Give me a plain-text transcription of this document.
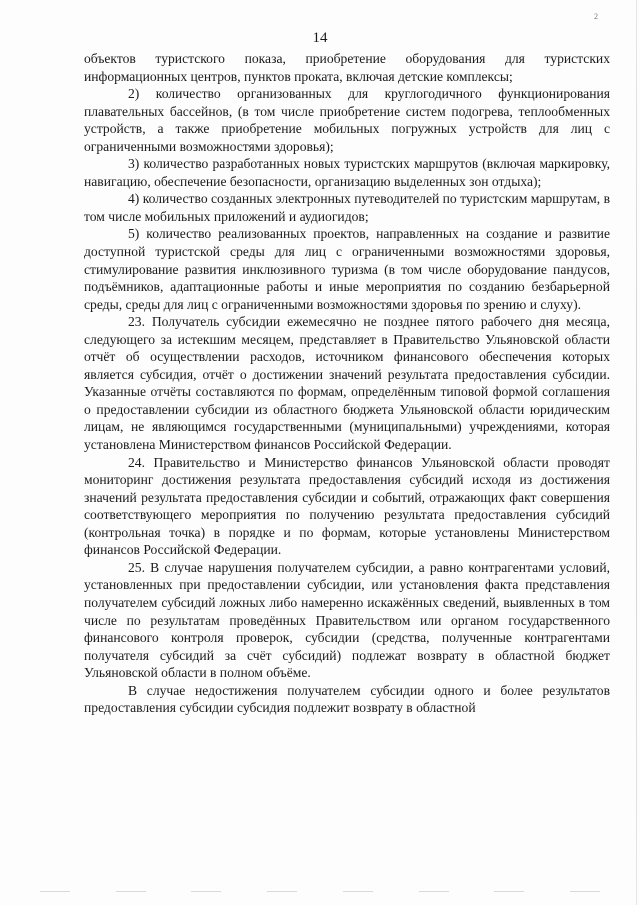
2
14

объектов туристского показа, приобретение оборудования для туристских информационных центров, пунктов проката, включая детские комплексы;

2) количество организованных для круглогодичного функционирования плавательных бассейнов, (в том числе приобретение систем подогрева, теплообменных устройств, а также приобретение мобильных погружных устройств для лиц с ограниченными возможностями здоровья);

3) количество разработанных новых туристских маршрутов (включая маркировку, навигацию, обеспечение безопасности, организацию выделенных зон отдыха);

4) количество созданных электронных путеводителей по туристским маршрутам, в том числе мобильных приложений и аудиогидов;

5) количество реализованных проектов, направленных на создание и развитие доступной туристской среды для лиц с ограниченными возможностями здоровья, стимулирование развития инклюзивного туризма (в том числе оборудование пандусов, подъёмников, адаптационные работы и иные мероприятия по созданию безбарьерной среды, среды для лиц с ограниченными возможностями здоровья по зрению и слуху).

23. Получатель субсидии ежемесячно не позднее пятого рабочего дня месяца, следующего за истекшим месяцем, представляет в Правительство Ульяновской области отчёт об осуществлении расходов, источником финансового обеспечения которых является субсидия, отчёт о достижении значений результата предоставления субсидии. Указанные отчёты составляются по формам, определённым типовой формой соглашения о предоставлении субсидии из областного бюджета Ульяновской области юридическим лицам, не являющимся государственными (муниципальными) учреждениями, которая установлена Министерством финансов Российской Федерации.

24. Правительство и Министерство финансов Ульяновской области проводят мониторинг достижения результата предоставления субсидий исходя из достижения значений результата предоставления субсидии и событий, отражающих факт совершения соответствующего мероприятия по получению результата предоставления субсидий (контрольная точка) в порядке и по формам, которые установлены Министерством финансов Российской Федерации.

25. В случае нарушения получателем субсидии, а равно контрагентами условий, установленных при предоставлении субсидии, или установления факта представления получателем субсидий ложных либо намеренно искажённых сведений, выявленных в том числе по результатам проведённых Правительством или органом государственного финансового контроля проверок, субсидии (средства, полученные контрагентами получателя субсидий за счёт субсидий) подлежат возврату в областной бюджет Ульяновской области в полном объёме.

В случае недостижения получателем субсидии одного и более результатов предоставления субсидии субсидия подлежит возврату в областной
